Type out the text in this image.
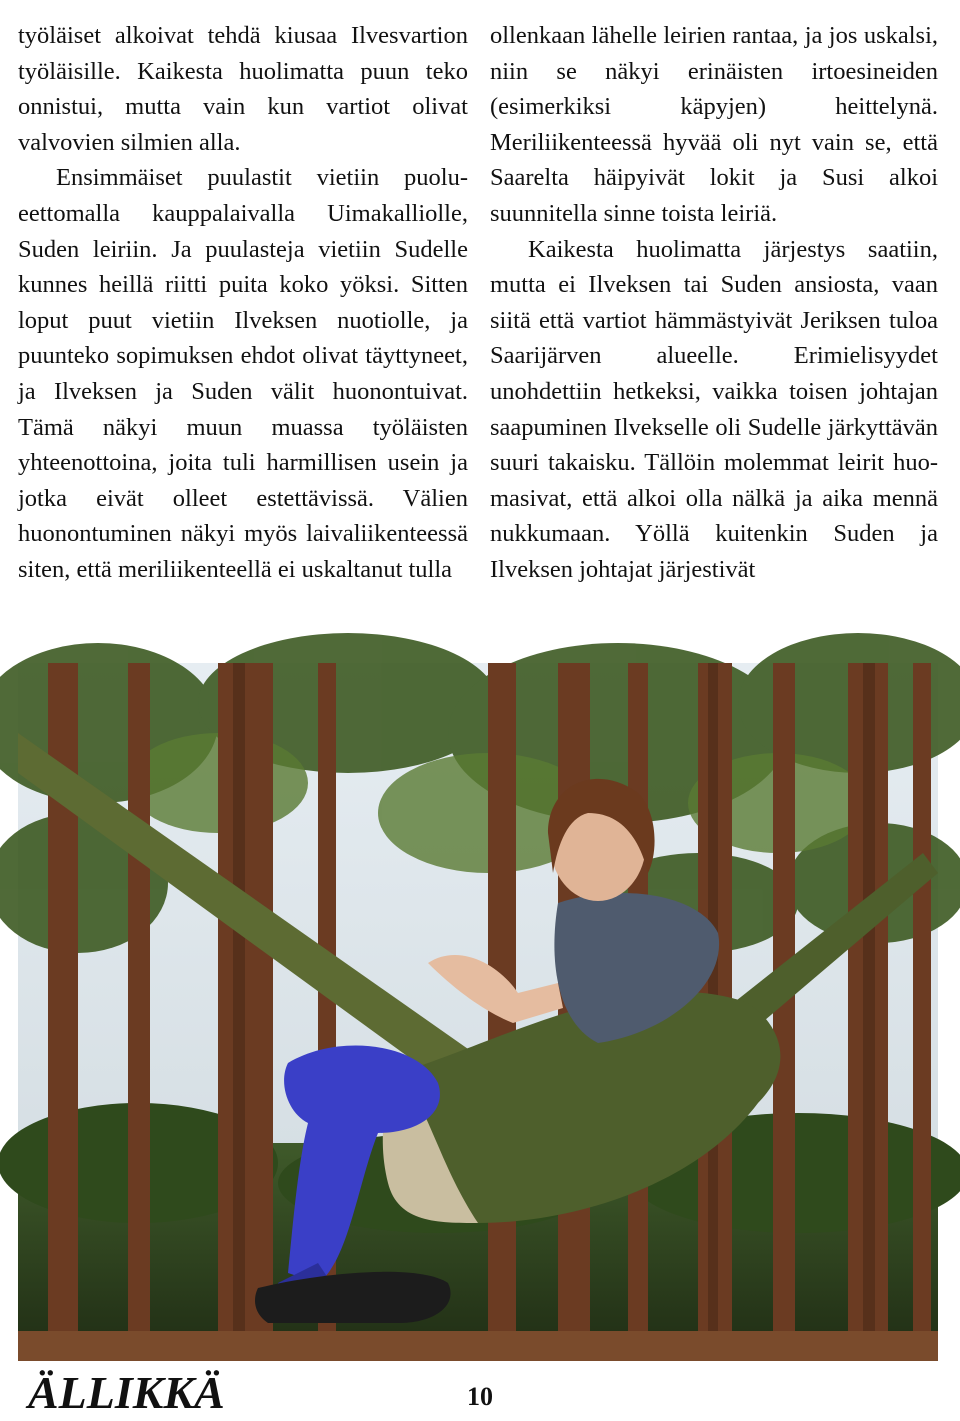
työläiset alkoivat tehdä kiusaa Ilvesvartion työläisille. Kaikesta huolimatta puun teko onnistui, mutta vain kun vartiot olivat valvovien silmien alla.

Ensimmäiset puulastit vietiin puolueettomalla kauppalaivalla Uimakalliolle, Suden leiriin. Ja puulasteja vietiin Sudelle kunnes heillä riitti puita koko yöksi. Sitten loput puut vietiin Ilveksen nuotiolle, ja puunteko sopimuksen ehdot olivat täyttyneet, ja Ilveksen ja Suden välit huonontuivat. Tämä näkyi muun muassa työläisten yhteenottoina, joita tuli harmillisen usein ja jotka eivät olleet estettävissä. Välien huonontuminen näkyi myös laivaliikenteessä siten, että meriliikenteellä ei uskaltanut tulla

ollenkaan lähelle leirien rantaa, ja jos uskalsi, niin se näkyi erinäisten irtoesineiden (esimerkiksi käpyjen) heittelynä. Meriliikenteessä hyvää oli nyt vain se, että Saarelta häipyivät lokit ja Susi alkoi suunnitella sinne toista leiriä.

Kaikesta huolimatta järjestys saatiin, mutta ei Ilveksen tai Suden ansiosta, vaan siitä että vartiot hämmästyivät Jeriksen tuloa Saarijärven alueelle. Erimielisyydet unohdettiin hetkeksi, vaikka toisen johtajan saapuminen Ilvekselle oli Sudelle järkyttävän suuri takaisku. Tällöin molemmat leirit huomasivat, että alkoi olla nälkä ja aika mennä nukkumaan. Yöllä kuitenkin Suden ja Ilveksen johtajat järjestivät

ÄLLIKKÄ	10
